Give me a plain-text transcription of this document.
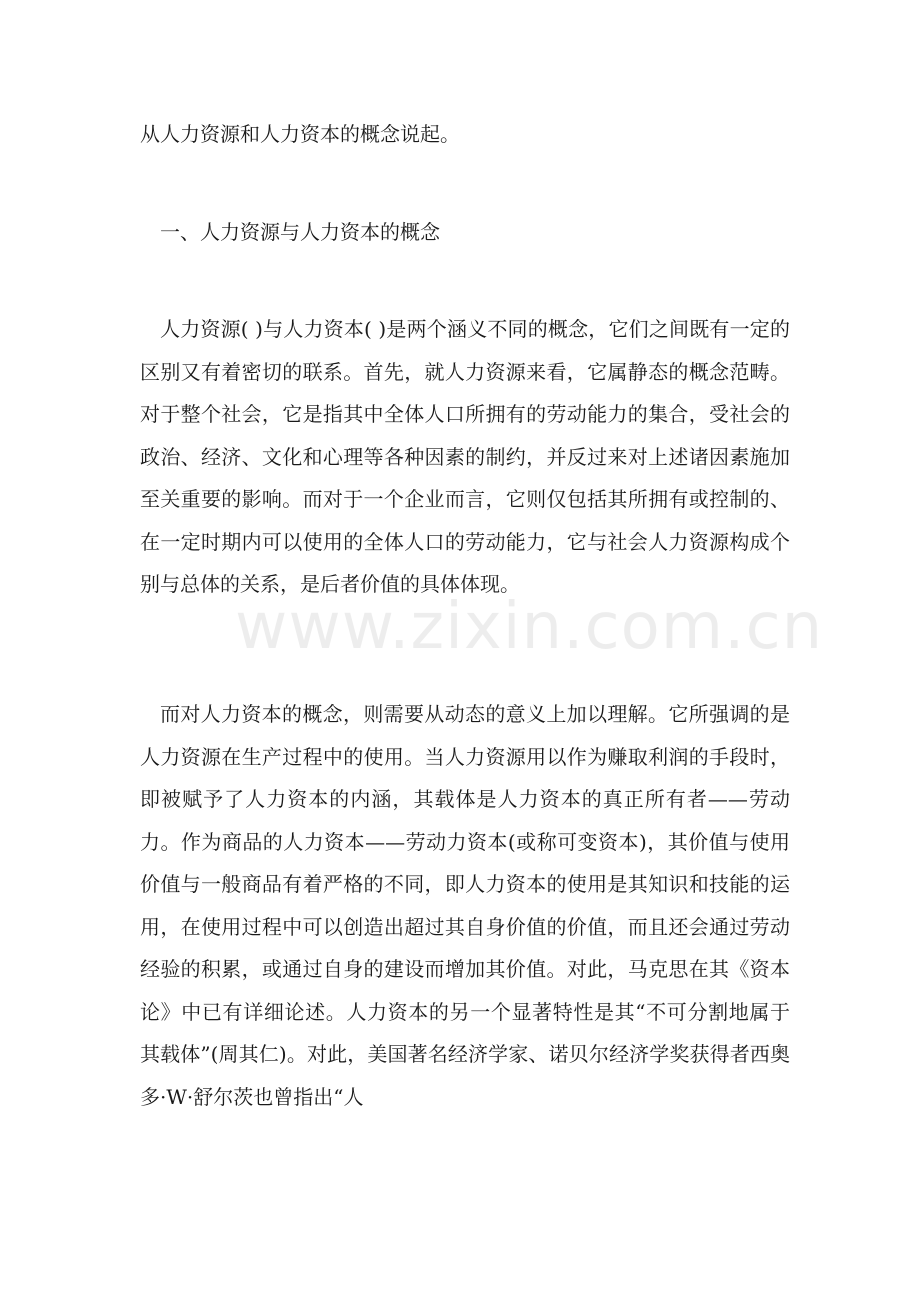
从人力资源和人力资本的概念说起。

一、人力资源与人力资本的概念

人力资源( )与人力资本( )是两个涵义不同的概念，它们之间既有一定的区别又有着密切的联系。首先，就人力资源来看，它属静态的概念范畴。对于整个社会，它是指其中全体人口所拥有的劳动能力的集合，受社会的政治、经济、文化和心理等各种因素的制约，并反过来对上述诸因素施加至关重要的影响。而对于一个企业而言，它则仅包括其所拥有或控制的、在一定时期内可以使用的全体人口的劳动能力，它与社会人力资源构成个别与总体的关系，是后者价值的具体体现。

而对人力资本的概念，则需要从动态的意义上加以理解。它所强调的是人力资源在生产过程中的使用。当人力资源用以作为赚取利润的手段时，即被赋予了人力资本的内涵，其载体是人力资本的真正所有者——劳动力。作为商品的人力资本——劳动力资本(或称可变资本)，其价值与使用价值与一般商品有着严格的不同，即人力资本的使用是其知识和技能的运用，在使用过程中可以创造出超过其自身价值的价值，而且还会通过劳动经验的积累，或通过自身的建设而增加其价值。对此，马克思在其《资本论》中已有详细论述。人力资本的另一个显著特性是其“不可分割地属于其载体”(周其仁)。对此，美国著名经济学家、诺贝尔经济学奖获得者西奥多·W·舒尔茨也曾指出“人

www.zixin.com.cn
